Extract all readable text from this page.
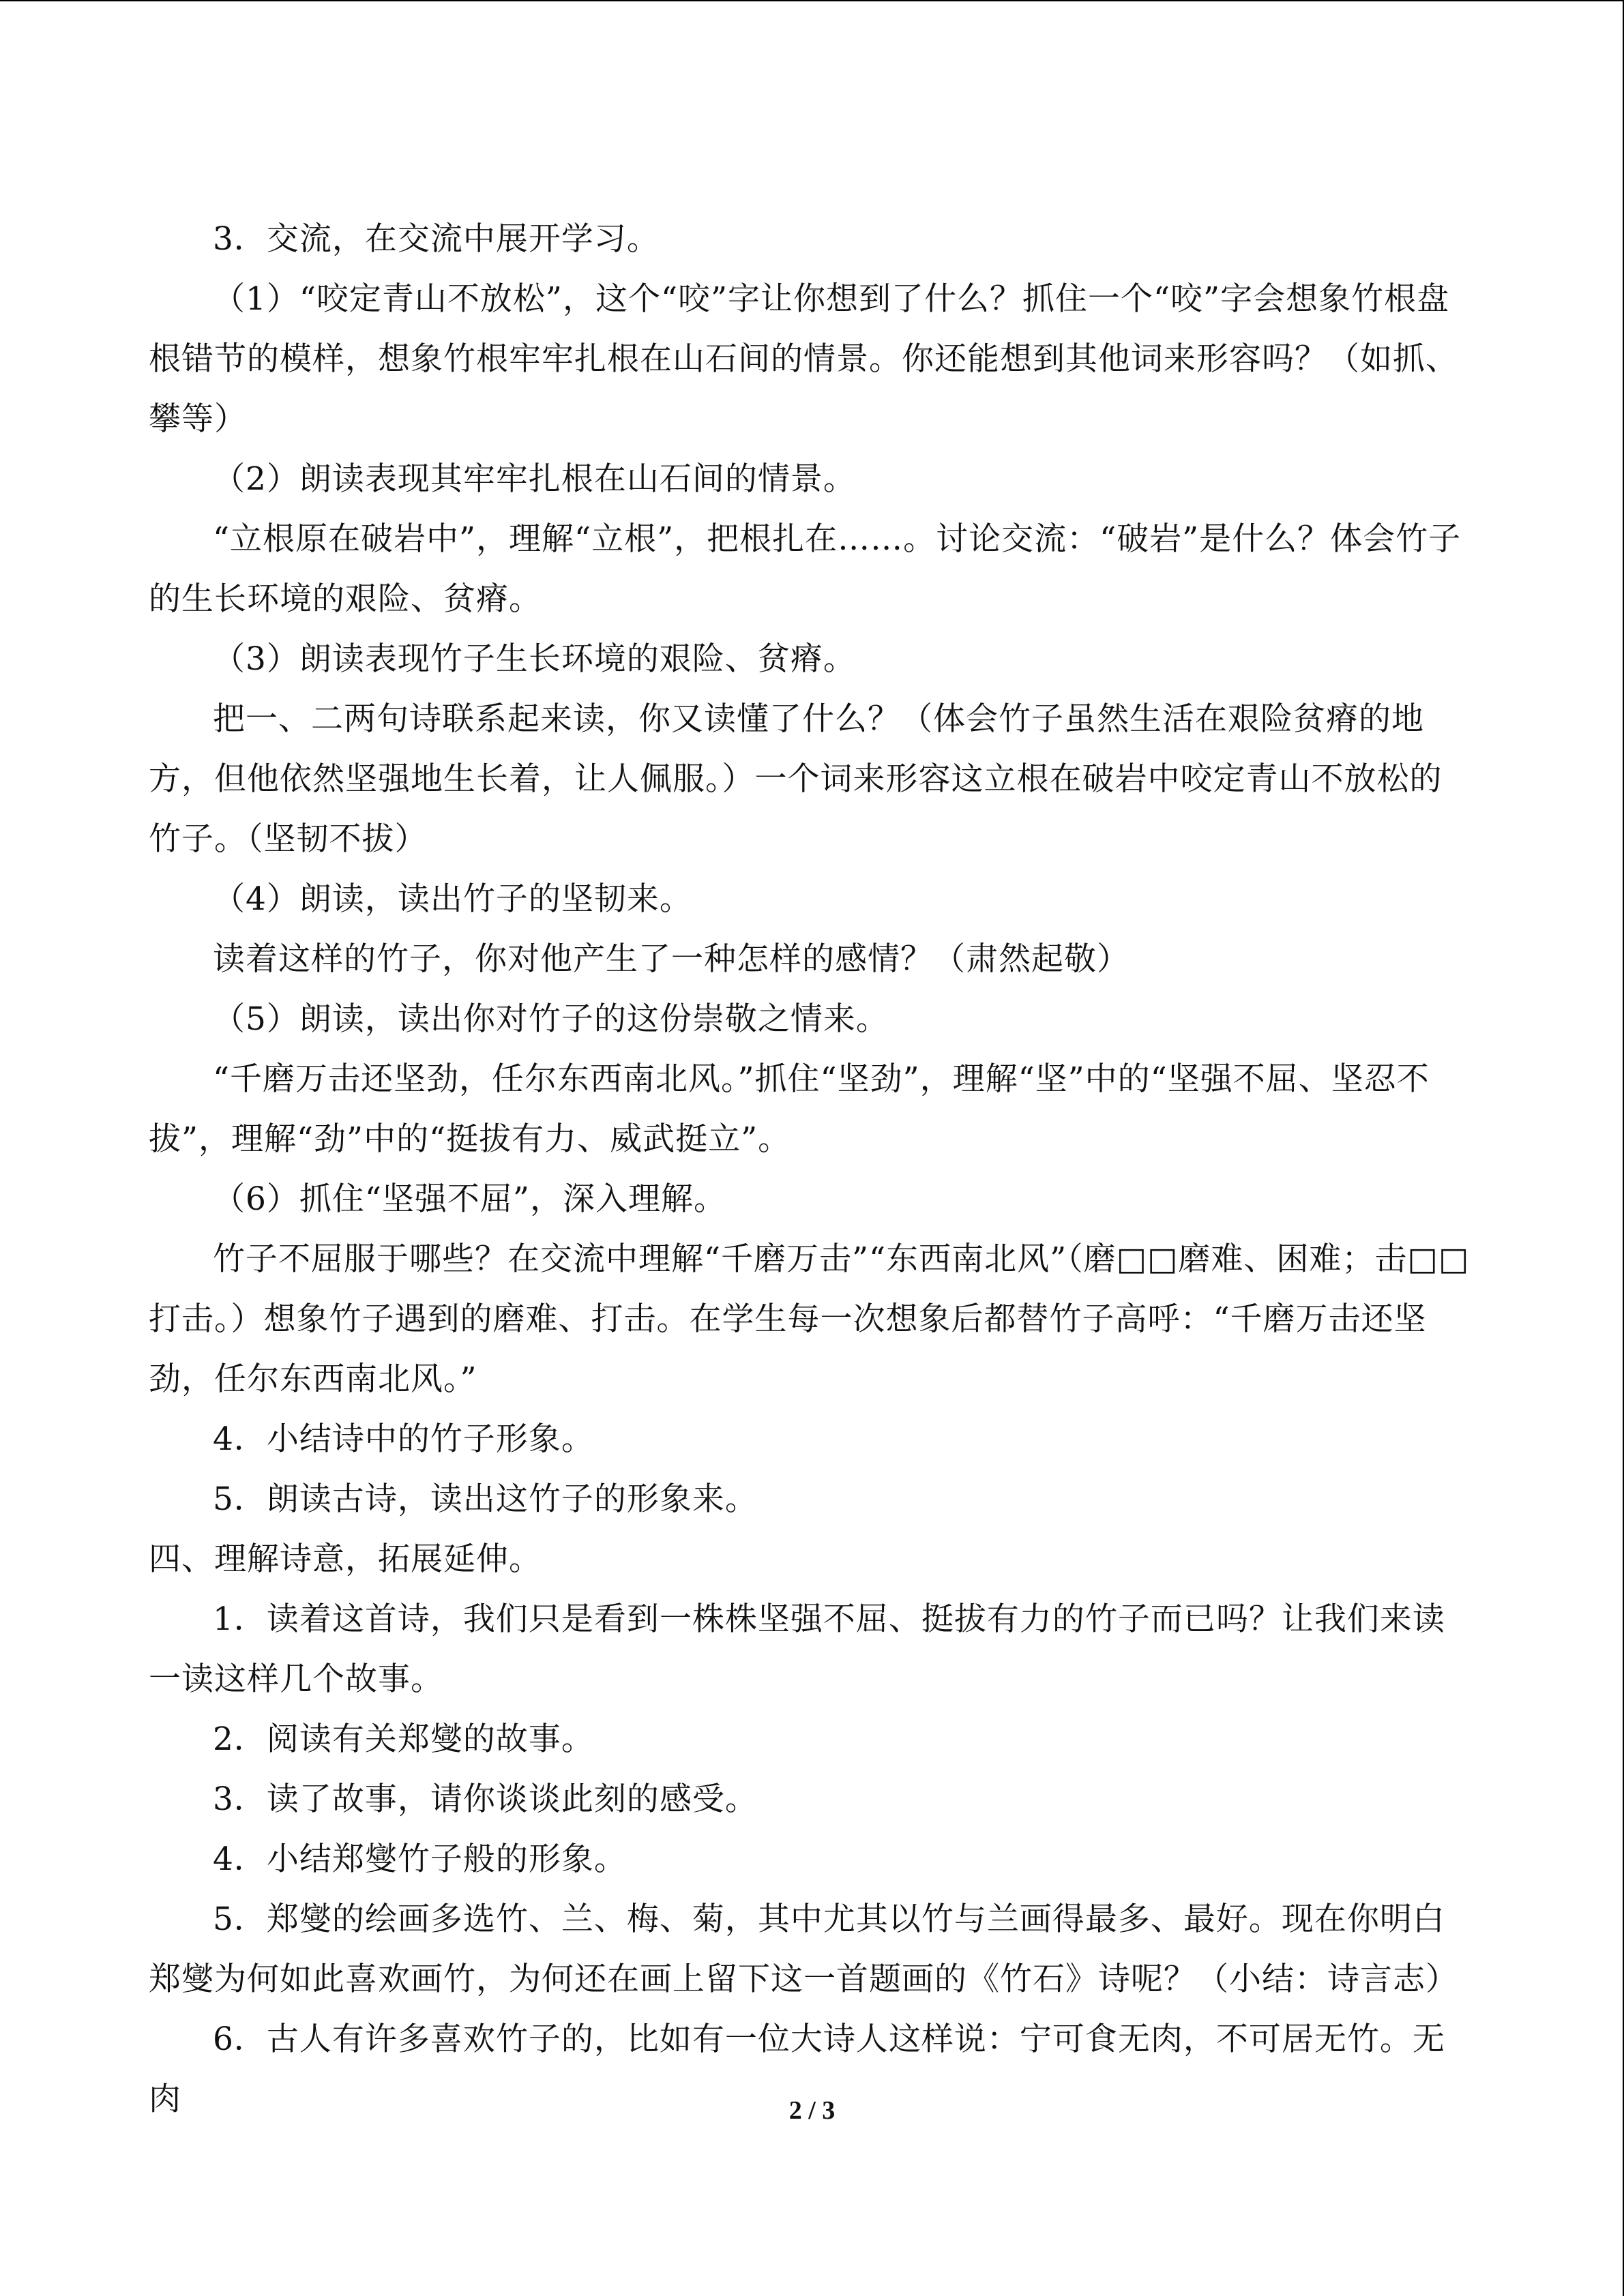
3．交流，在交流中展开学习。

（1）“咬定青山不放松”，这个“咬”字让你想到了什么？抓住一个“咬”字会想象竹根盘根错节的模样，想象竹根牢牢扎根在山石间的情景。你还能想到其他词来形容吗？（如抓、攀等）

（2）朗读表现其牢牢扎根在山石间的情景。

“立根原在破岩中”，理解“立根”，把根扎在……。讨论交流：“破岩”是什么？体会竹子的生长环境的艰险、贫瘠。

（3）朗读表现竹子生长环境的艰险、贫瘠。

把一、二两句诗联系起来读，你又读懂了什么？（体会竹子虽然生活在艰险贫瘠的地方，但他依然坚强地生长着，让人佩服。）一个词来形容这立根在破岩中咬定青山不放松的竹子。（坚韧不拔）

（4）朗读，读出竹子的坚韧来。

读着这样的竹子，你对他产生了一种怎样的感情？（肃然起敬）

（5）朗读，读出你对竹子的这份崇敬之情来。

“千磨万击还坚劲，任尔东西南北风。”抓住“坚劲”，理解“坚”中的“坚强不屈、坚忍不拔”，理解“劲”中的“挺拔有力、威武挺立”。

（6）抓住“坚强不屈”，深入理解。

竹子不屈服于哪些？在交流中理解“千磨万击”“东西南北风”（磨□□磨难、困难；击□□打击。）想象竹子遇到的磨难、打击。在学生每一次想象后都替竹子高呼：“千磨万击还坚劲，任尔东西南北风。”

4．小结诗中的竹子形象。

5．朗读古诗，读出这竹子的形象来。

四、理解诗意，拓展延伸。

1．读着这首诗，我们只是看到一株株坚强不屈、挺拔有力的竹子而已吗？让我们来读一读这样几个故事。

2．阅读有关郑燮的故事。

3．读了故事，请你谈谈此刻的感受。

4．小结郑燮竹子般的形象。

5．郑燮的绘画多选竹、兰、梅、菊，其中尤其以竹与兰画得最多、最好。现在你明白郑燮为何如此喜欢画竹，为何还在画上留下这一首题画的《竹石》诗呢？（小结：诗言志）

6．古人有许多喜欢竹子的，比如有一位大诗人这样说：宁可食无肉，不可居无竹。无肉	2 / 3
